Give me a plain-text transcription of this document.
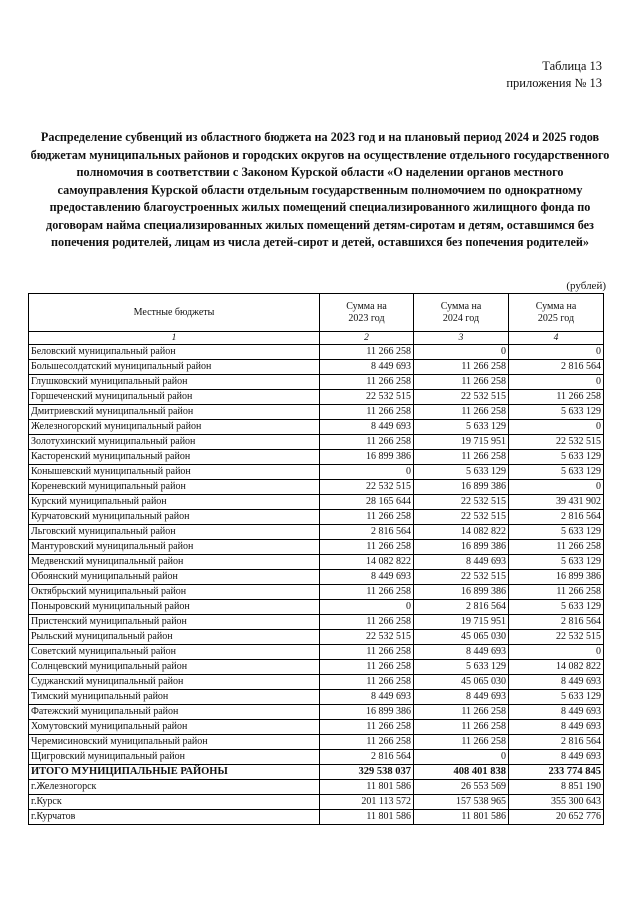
Таблица 13
приложения № 13
Распределение субвенций из областного бюджета на 2023 год и на плановый период 2024 и 2025 годов бюджетам муниципальных районов и городских округов на осуществление отдельного государственного полномочия в соответствии с Законом Курской области «О наделении органов местного самоуправления Курской области отдельным государственным полномочием по однократному предоставлению благоустроенных жилых помещений специализированного жилищного фонда по договорам найма специализированных жилых помещений детям-сиротам и детям, оставшимся без попечения родителей, лицам из числа детей-сирот и детей, оставшихся без попечения родителей»
(рублей)
Местные бюджеты	Сумма на 2023 год	Сумма на 2024 год	Сумма на 2025 год
1	2	3	4
Беловский муниципальный район	11 266 258	0	0
Большесолдатский муниципальный район	8 449 693	11 266 258	2 816 564
Глушковский муниципальный район	11 266 258	11 266 258	0
Горшеченский муниципальный район	22 532 515	22 532 515	11 266 258
Дмитриевский муниципальный район	11 266 258	11 266 258	5 633 129
Железногорский муниципальный район	8 449 693	5 633 129	0
Золотухинский муниципальный район	11 266 258	19 715 951	22 532 515
Касторенский муниципальный район	16 899 386	11 266 258	5 633 129
Конышевский муниципальный район	0	5 633 129	5 633 129
Кореневский муниципальный район	22 532 515	16 899 386	0
Курский муниципальный район	28 165 644	22 532 515	39 431 902
Курчатовский муниципальный район	11 266 258	22 532 515	2 816 564
Льговский муниципальный район	2 816 564	14 082 822	5 633 129
Мантуровский муниципальный район	11 266 258	16 899 386	11 266 258
Медвенский муниципальный район	14 082 822	8 449 693	5 633 129
Обоянский муниципальный район	8 449 693	22 532 515	16 899 386
Октябрьский муниципальный район	11 266 258	16 899 386	11 266 258
Поныровский муниципальный район	0	2 816 564	5 633 129
Пристенский муниципальный район	11 266 258	19 715 951	2 816 564
Рыльский муниципальный район	22 532 515	45 065 030	22 532 515
Советский муниципальный район	11 266 258	8 449 693	0
Солнцевский муниципальный район	11 266 258	5 633 129	14 082 822
Суджанский муниципальный район	11 266 258	45 065 030	8 449 693
Тимский муниципальный район	8 449 693	8 449 693	5 633 129
Фатежский муниципальный район	16 899 386	11 266 258	8 449 693
Хомутовский муниципальный район	11 266 258	11 266 258	8 449 693
Черемисиновский муниципальный район	11 266 258	11 266 258	2 816 564
Щигровский муниципальный район	2 816 564	0	8 449 693
ИТОГО МУНИЦИПАЛЬНЫЕ РАЙОНЫ	329 538 037	408 401 838	233 774 845
г.Железногорск	11 801 586	26 553 569	8 851 190
г.Курск	201 113 572	157 538 965	355 300 643
г.Курчатов	11 801 586	11 801 586	20 652 776
